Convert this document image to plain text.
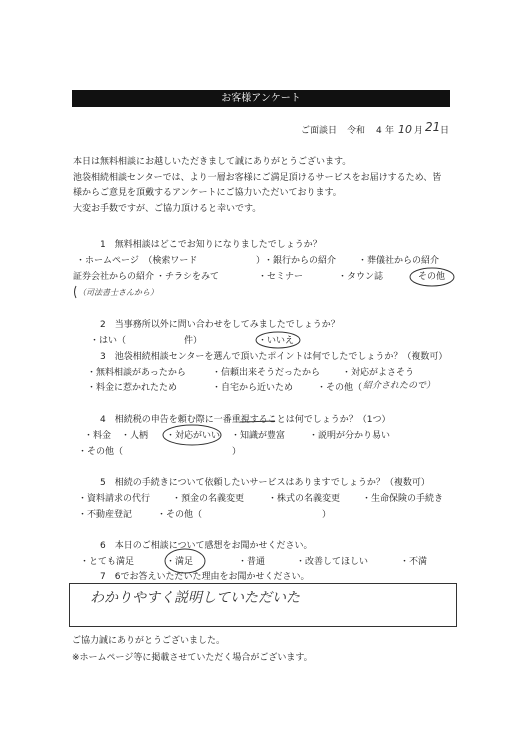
お客様アンケート
ご面談日 令和 4 年 10 月 21 日
本日は無料相談にお越しいただきまして誠にありがとうございます。
池袋相続相談センターでは、より一層お客様にご満足頂けるサービスをお届けするため、皆
様からご意見を頂戴するアンケートにご協力いただいております。
大変お手数ですが、ご協力頂けると幸いです。
1　無料相談はどこでお知りになりましたでしょうか？
・ホームページ　（検索ワード	）
・銀行からの紹介 ・葬儀社からの紹介
証券会社からの紹介 ・チラシをみて	・セミナー	・タウン誌	その他
（司法書士さんから）
2　当事務所以外に問い合わせをしてみましたでしょうか？
・はい（	件）	・いいえ
3　池袋相続相談センターを選んで頂いたポイントは何でしたでしょうか？（複数可）
・無料相談があったから	・信頼出来そうだったから ・対応がよさそう
・料金に惹かれたため	・自宅から近いため	・その他（ 紹介されたので）
4　相続税の申告を頼む際に一番重視することは何でしょうか？（1つ）
・料金 ・人柄 ・対応がいい ・知識が豊富	・説明が分かり易い
・その他（	）
5　相続の手続きについて依頼したいサービスはありますでしょうか？（複数可）
・資料請求の代行 ・預金の名義変更	・株式の名義変更 ・生命保険の手続き
・不動産登記	・その他（	）
6　本日のご相談について感想をお聞かせください。
・とても満足	・満足	・普通	・改善してほしい	・不満
7　6でお答えいただいた理由をお聞かせください。
わかりやすく説明していただいた
ご協力誠にありがとうございました。
※ホームページ等に掲載させていただく場合がございます。
